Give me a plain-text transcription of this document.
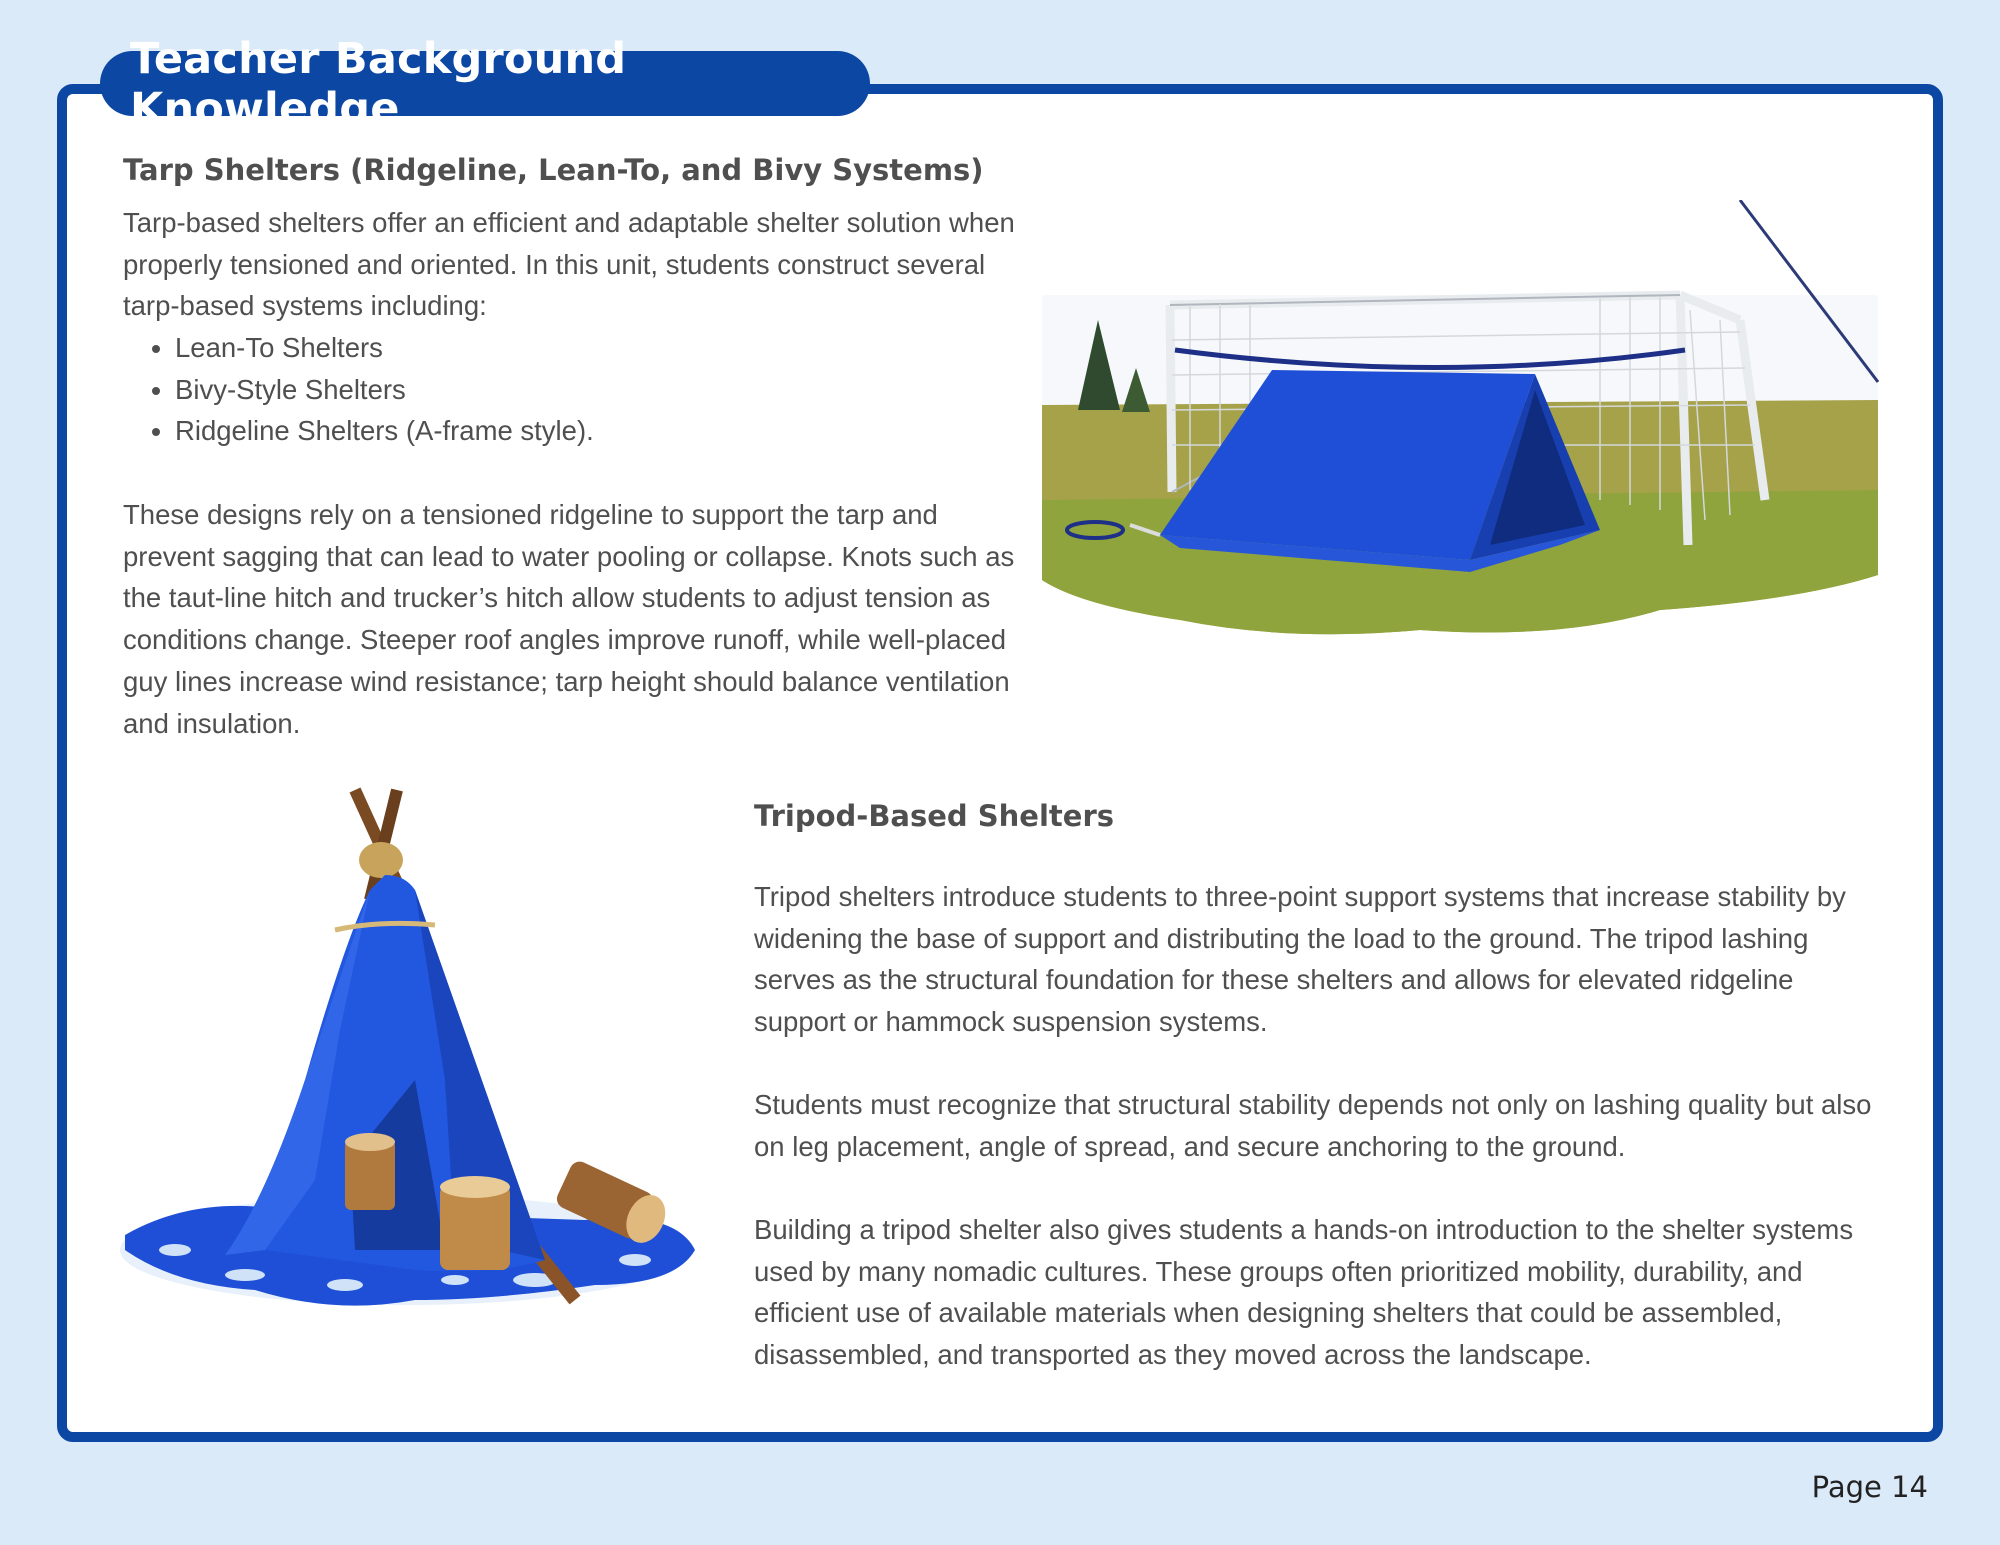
Teacher Background Knowledge
Tarp Shelters (Ridgeline, Lean-To, and Bivy Systems)

Tarp-based shelters offer an efficient and adaptable shelter solution when properly tensioned and oriented. In this unit, students construct several tarp-based systems including:

• Lean-To Shelters
• Bivy-Style Shelters
• Ridgeline Shelters (A-frame style).

These designs rely on a tensioned ridgeline to support the tarp and prevent sagging that can lead to water pooling or collapse. Knots such as the taut-line hitch and trucker’s hitch allow students to adjust tension as conditions change. Steeper roof angles improve runoff, while well-placed guy lines increase wind resistance; tarp height should balance ventilation and insulation.

Tripod-Based Shelters

Tripod shelters introduce students to three-point support systems that increase stability by widening the base of support and distributing the load to the ground. The tripod lashing serves as the structural foundation for these shelters and allows for elevated ridgeline support or hammock suspension systems.

Students must recognize that structural stability depends not only on lashing quality but also on leg placement, angle of spread, and secure anchoring to the ground.

Building a tripod shelter also gives students a hands-on introduction to the shelter systems used by many nomadic cultures. These groups often prioritized mobility, durability, and efficient use of available materials when designing shelters that could be assembled, disassembled, and transported as they moved across the landscape.

Page 14
